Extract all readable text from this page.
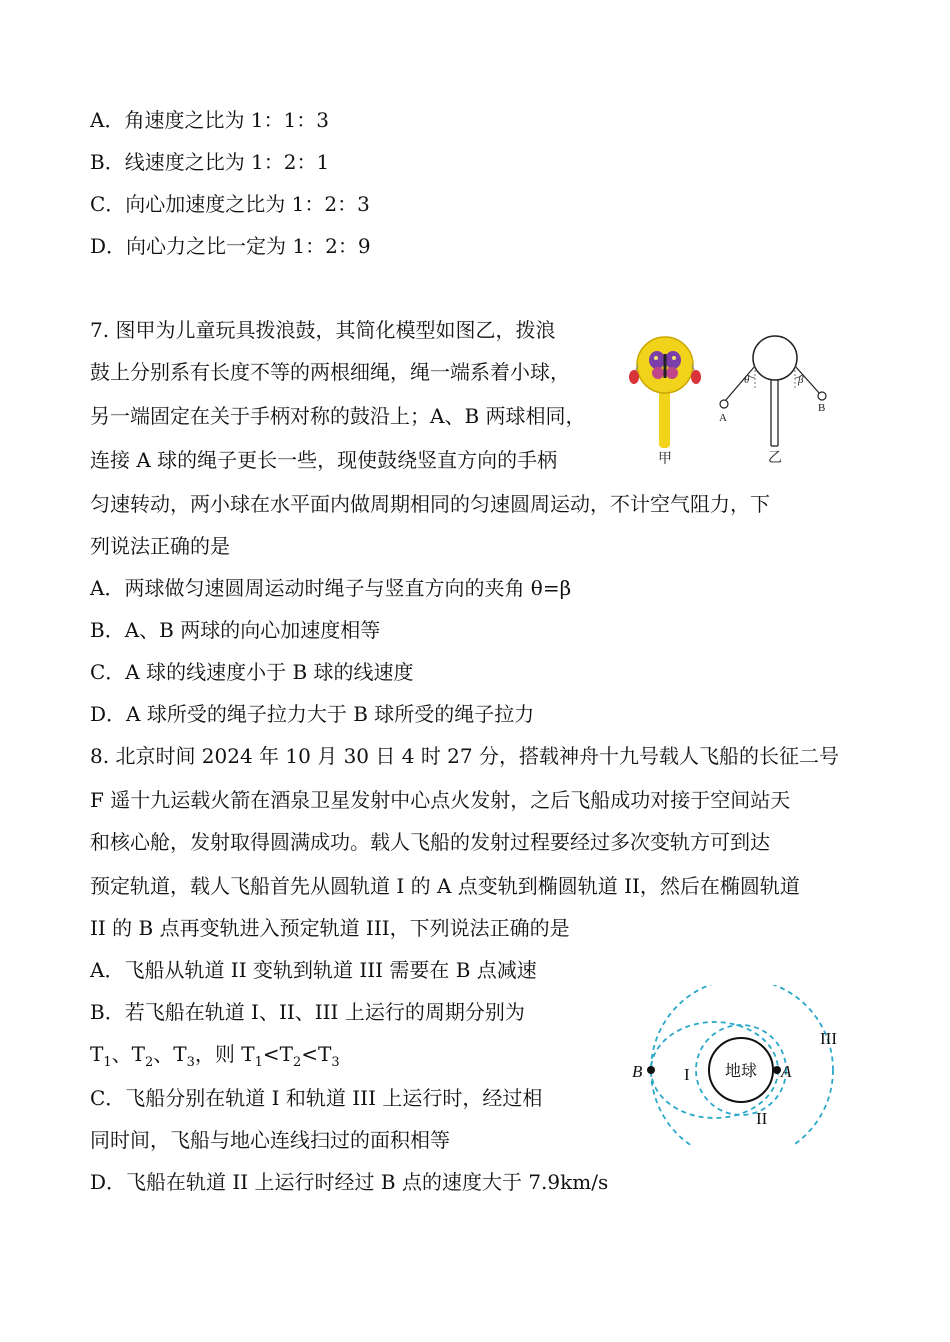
A．角速度之比为 1：1：3
B．线速度之比为 1：2：1
C．向心加速度之比为 1：2：3
D．向心力之比一定为 1：2：9
7. 图甲为儿童玩具拨浪鼓，其简化模型如图乙，拨浪
鼓上分别系有长度不等的两根细绳，绳一端系着小球，
另一端固定在关于手柄对称的鼓沿上；A、B 两球相同，
连接 A 球的绳子更长一些，现使鼓绕竖直方向的手柄
匀速转动，两小球在水平面内做周期相同的匀速圆周运动，不计空气阻力，下
列说法正确的是
A．两球做匀速圆周运动时绳子与竖直方向的夹角 θ=β
B．A、B 两球的向心加速度相等
C．A 球的线速度小于 B 球的线速度
D．A 球所受的绳子拉力大于 B 球所受的绳子拉力
甲
θ	β
A
B
乙
8. 北京时间 2024 年 10 月 30 日 4 时 27 分，搭载神舟十九号载人飞船的长征二号
F 遥十九运载火箭在酒泉卫星发射中心点火发射，之后飞船成功对接于空间站天
和核心舱，发射取得圆满成功。载人飞船的发射过程要经过多次变轨方可到达
预定轨道，载人飞船首先从圆轨道 I 的 A 点变轨到椭圆轨道 II，然后在椭圆轨道
II 的 B 点再变轨进入预定轨道 III，下列说法正确的是
A．飞船从轨道 II 变轨到轨道 III 需要在 B 点减速
B．若飞船在轨道 I、II、III 上运行的周期分别为
$T_1$、$T_2$、$T_3$，则 $T_1<T_2<T_3$
C．飞船分别在轨道 I 和轨道 III 上运行时，经过相
同时间，飞船与地心连线扫过的面积相等
D．飞船在轨道 II 上运行时经过 B 点的速度大于 7.9km/s
地球
B	A
I
II
III
